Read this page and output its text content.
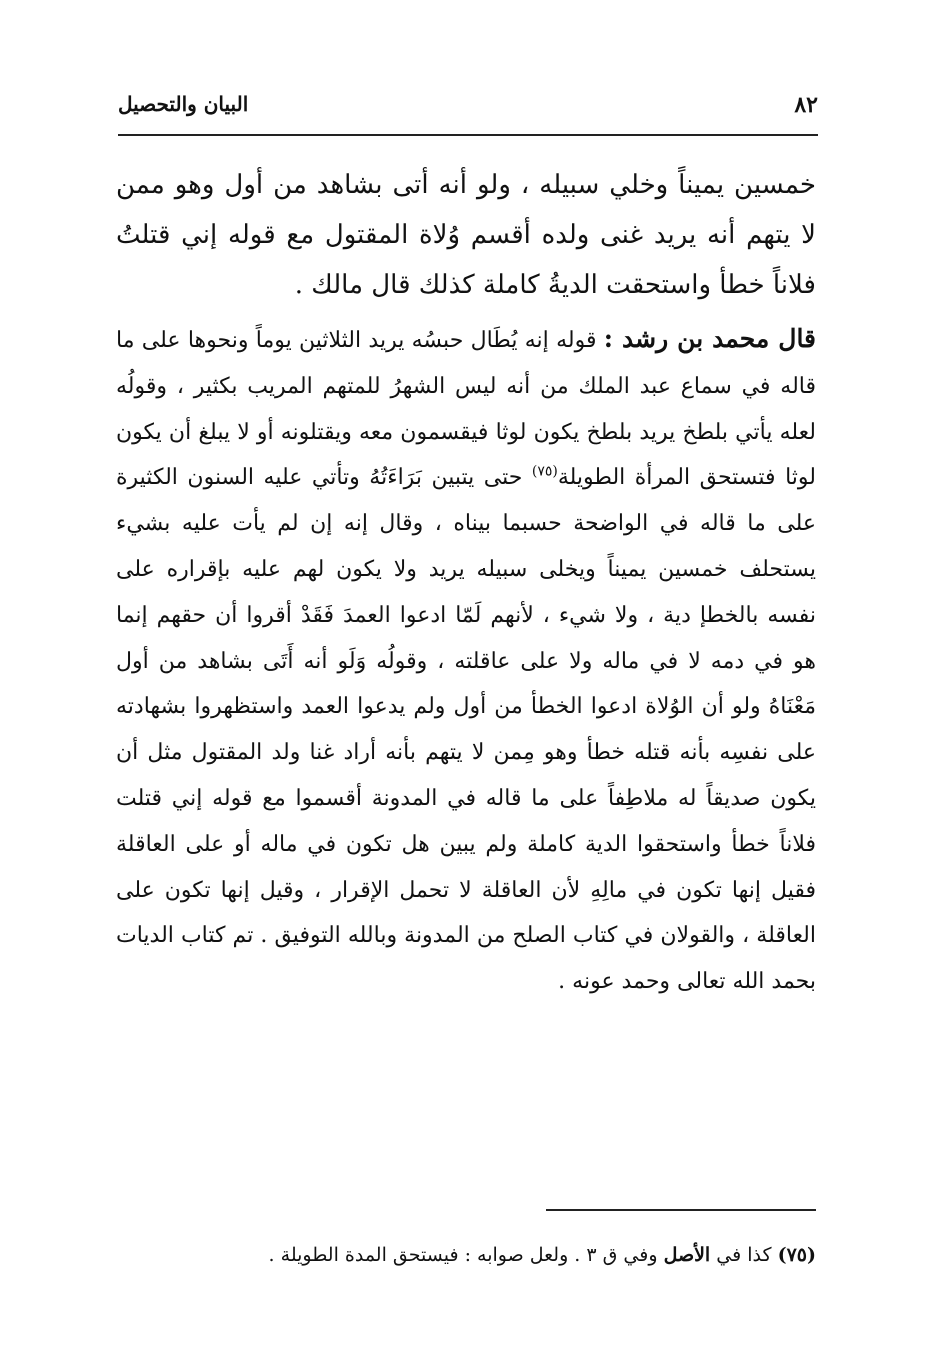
٨٢
البيان والتحصيل
خمسين يميناً وخلي سبيله ، ولو أنه أتى بشاهد من أول وهو ممن لا يتهم أنه يريد غنى ولده أقسم وُلاة المقتول مع قوله إني قتلتُ فلاناً خطأ واستحقت الديةُ كاملة كذلك قال مالك .
قال محمد بن رشد : قوله إنه يُطَال حبسُه يريد الثلاثين يوماً ونحوها على ما قاله في سماع عبد الملك من أنه ليس الشهرُ للمتهم المريب بكثير ، وقولُه لعله يأتي بلطخ يريد بلطخ يكون لوثا فيقسمون معه ويقتلونه أو لا يبلغ أن يكون لوثا فتستحق المرأة الطويلة$^{(٧٥)}$ حتى يتبين بَرَاءَتُهُ وتأتي عليه السنون الكثيرة على ما قاله في الواضحة حسبما بيناه ، وقال إنه إن لم يأت عليه بشيء يستحلف خمسين يميناً ويخلى سبيله يريد ولا يكون لهم عليه بإقراره على نفسه بالخطإ دية ، ولا شيء ، لأنهم لَمّا ادعوا العمدَ فَقَدْ أقروا أن حقهم إنما هو في دمه لا في ماله ولا على عاقلته ، وقولُه وَلَو أنه أَتَى بشاهد من أول مَعْنَاهُ ولو أن الوُلاة ادعوا الخطأ من أول ولم يدعوا العمد واستظهروا بشهادته على نفسِه بأنه قتله خطأ وهو مِمن لا يتهم بأنه أراد غنا ولد المقتول مثل أن يكون صديقاً له ملاطِفاً على ما قاله في المدونة أقسموا مع قوله إني قتلت فلاناً خطأ واستحقوا الدية كاملة ولم يبين هل تكون في ماله أو على العاقلة فقيل إنها تكون في مالِهِ لأن العاقلة لا تحمل الإقرار ، وقيل إنها تكون على العاقلة ، والقولان في كتاب الصلح من المدونة وبالله التوفيق . تم كتاب الديات بحمد الله تعالى وحمد عونه .
(٧٥) كذا في الأصل وفي ق ٣ . ولعل صوابه : فيستحق المدة الطويلة .
